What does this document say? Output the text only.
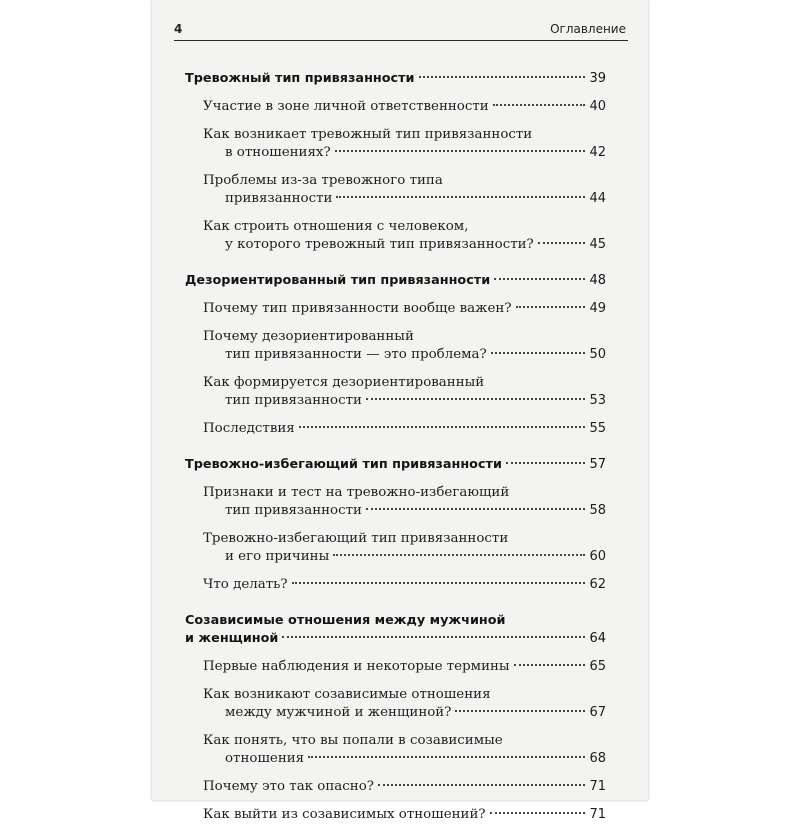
4	Оглавление
Тревожный тип привязанности	39
Участие в зоне личной ответственности	40
Как возникает тревожный тип привязанности
в отношениях?	42
Проблемы из-за тревожного типа
привязанности	44
Как строить отношения с человеком,
у которого тревожный тип привязанности?	45
Дезориентированный тип привязанности	48
Почему тип привязанности вообще важен?	49
Почему дезориентированный
тип привязанности — это проблема?	50
Как формируется дезориентированный
тип привязанности	53
Последствия	55
Тревожно-избегающий тип привязанности	57
Признаки и тест на тревожно-избегающий
тип привязанности	58
Тревожно-избегающий тип привязанности
и его причины	60
Что делать?	62
Созависимые отношения между мужчиной
и женщиной	64
Первые наблюдения и некоторые термины	65
Как возникают созависимые отношения
между мужчиной и женщиной?	67
Как понять, что вы попали в созависимые
отношения	68
Почему это так опасно?	71
Как выйти из созависимых отношений?	71
